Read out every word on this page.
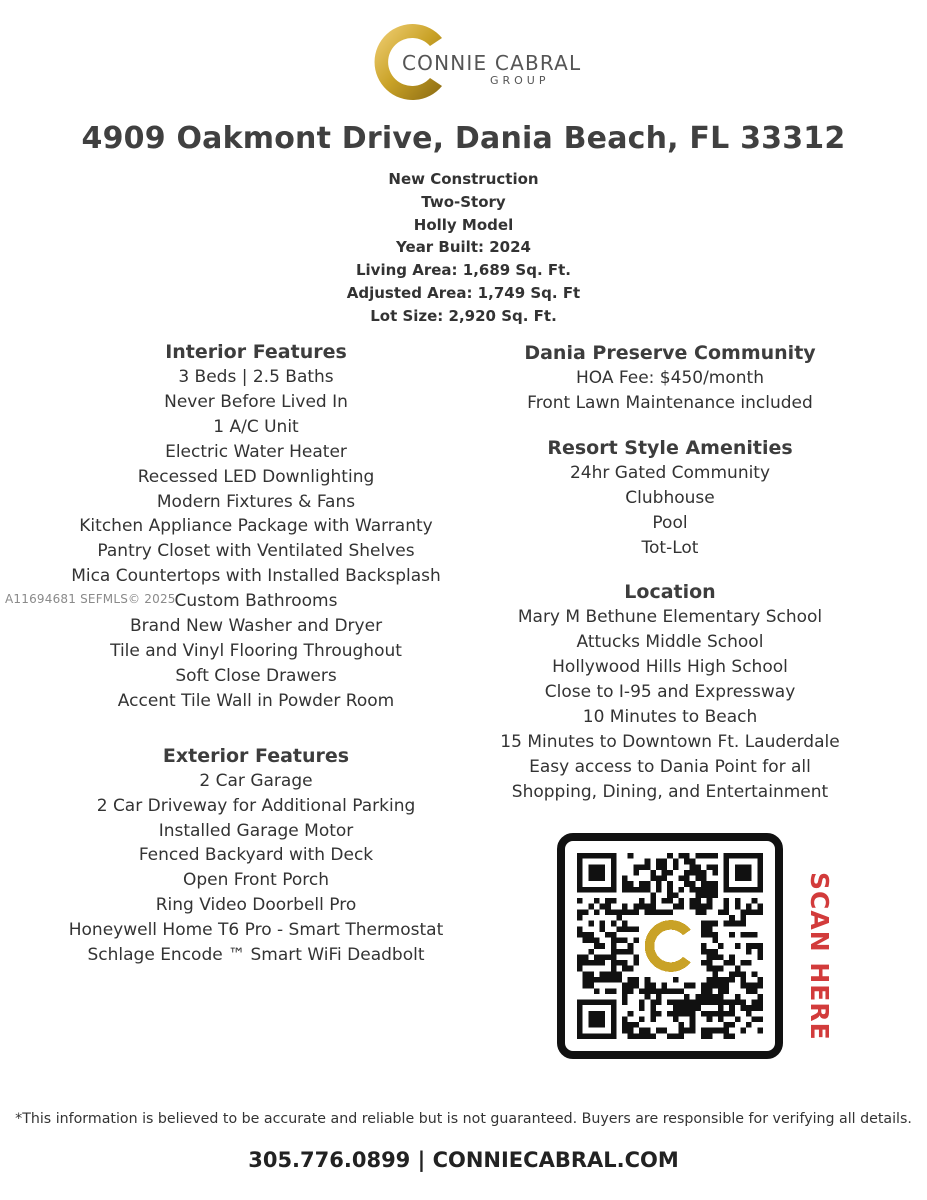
CONNIE CABRAL
GROUP
4909 Oakmont Drive, Dania Beach, FL 33312
New Construction
Two-Story
Holly Model
Year Built: 2024
Living Area: 1,689 Sq. Ft.
Adjusted Area: 1,749 Sq. Ft
Lot Size: 2,920 Sq. Ft.
Interior Features
3 Beds | 2.5 Baths
Never Before Lived In
1 A/C Unit
Electric Water Heater
Recessed LED Downlighting
Modern Fixtures & Fans
Kitchen Appliance Package with Warranty
Pantry Closet with Ventilated Shelves
Mica Countertops with Installed Backsplash
Custom Bathrooms
Brand New Washer and Dryer
Tile and Vinyl Flooring Throughout
Soft Close Drawers
Accent Tile Wall in Powder Room
Exterior Features
2 Car Garage
2 Car Driveway for Additional Parking
Installed Garage Motor
Fenced Backyard with Deck
Open Front Porch
Ring Video Doorbell Pro
Honeywell Home T6 Pro - Smart Thermostat
Schlage Encode ™ Smart WiFi Deadbolt
Dania Preserve Community
HOA Fee: $450/month
Front Lawn Maintenance included
Resort Style Amenities
24hr Gated Community
Clubhouse
Pool
Tot-Lot
Location
Mary M Bethune Elementary School
Attucks Middle School
Hollywood Hills High School
Close to I-95 and Expressway
10 Minutes to Beach
15 Minutes to Downtown Ft. Lauderdale
Easy access to Dania Point for all
Shopping, Dining, and Entertainment
A11694681 SEFMLS© 2025
SCAN HERE
*This information is believed to be accurate and reliable but is not guaranteed. Buyers are responsible for verifying all details.
305.776.0899 | CONNIECABRAL.COM
